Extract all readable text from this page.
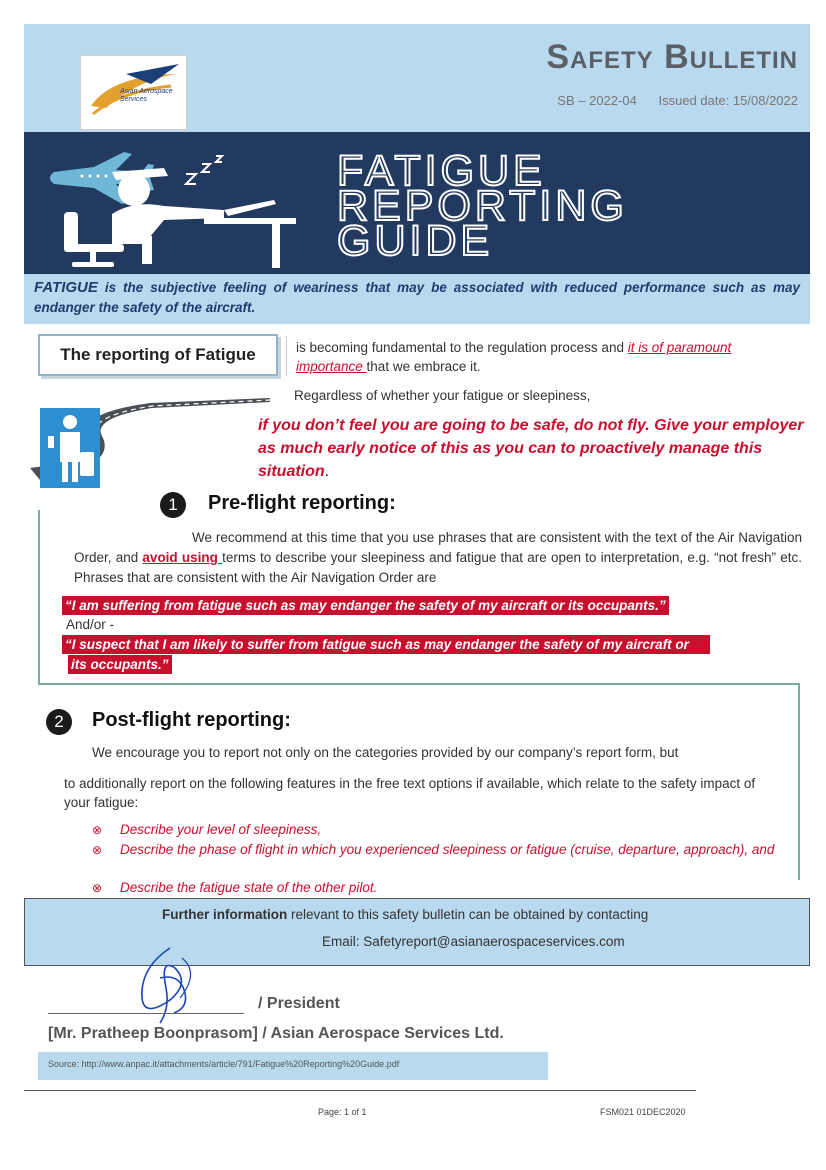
Asian Aerospace Services
Safety Bulletin
SB – 2022-04 Issued date: 15/08/2022
FATIGUE
REPORTING
GUIDE
FATIGUE is the subjective feeling of weariness that may be associated with reduced performance such as may endanger the safety of the aircraft.
The reporting of Fatigue	is becoming fundamental to the regulation process and it is of paramount importance that we embrace it.
Regardless of whether your fatigue or sleepiness,
if you don’t feel you are going to be safe, do not fly. Give your employer as much early notice of this as you can to proactively manage this situation.
1	Pre-flight reporting:
We recommend at this time that you use phrases that are consistent with the text of the Air Navigation Order, and avoid using terms to describe your sleepiness and fatigue that are open to interpretation, e.g. “not fresh” etc. Phrases that are consistent with the Air Navigation Order are
“I am suffering from fatigue such as may endanger the safety of my aircraft or its occupants.”
And/or -
“I suspect that I am likely to suffer from fatigue such as may endanger the safety of my aircraft or
its occupants.”
2	Post-flight reporting:
We encourage you to report not only on the categories provided by our company’s report form, but
to additionally report on the following features in the free text options if available, which relate to the safety impact of your fatigue:
⊗ Describe your level of sleepiness,
⊗ Describe the phase of flight in which you experienced sleepiness or fatigue (cruise, departure, approach), and
⊗ Describe the fatigue state of the other pilot.
Further information relevant to this safety bulletin can be obtained by contacting
Email: Safetyreport@asianaerospaceservices.com
/ President
[Mr. Pratheep Boonprasom] / Asian Aerospace Services Ltd.
Source: http://www.anpac.it/attachments/article/791/Fatigue%20Reporting%20Guide.pdf
Page: 1 of 1	FSM021 01DEC2020
